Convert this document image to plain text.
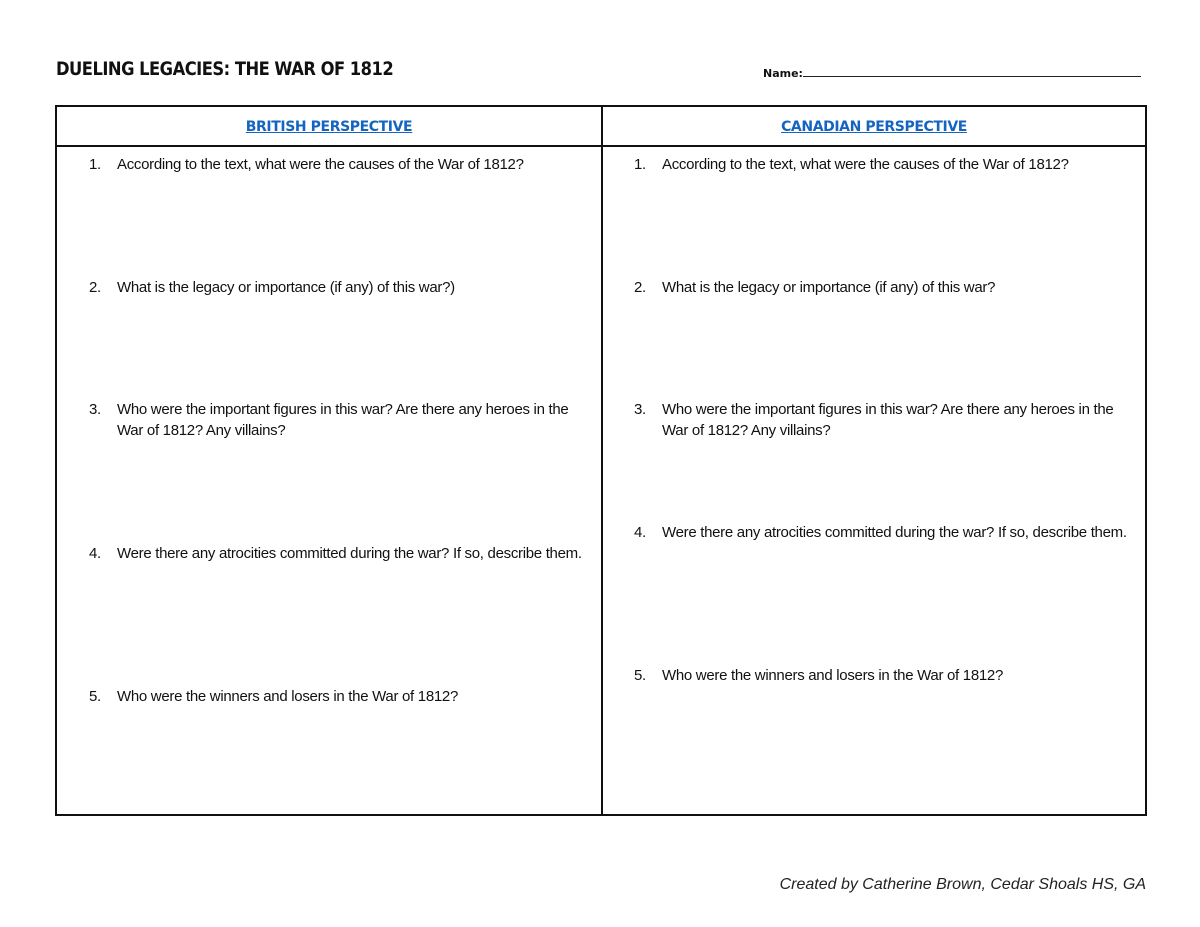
DUELING LEGACIES: THE WAR OF 1812	Name:
BRITISH PERSPECTIVE	CANADIAN PERSPECTIVE
1. According to the text, what were the causes of the War of 1812?
2. What is the legacy or importance (if any) of this war?)
3. Who were the important figures in this war? Are there any heroes in the War of 1812? Any villains?
4. Were there any atrocities committed during the war? If so, describe them.
5. Who were the winners and losers in the War of 1812?
1. According to the text, what were the causes of the War of 1812?
2. What is the legacy or importance (if any) of this war?
3. Who were the important figures in this war? Are there any heroes in the War of 1812? Any villains?
4. Were there any atrocities committed during the war? If so, describe them.
5. Who were the winners and losers in the War of 1812?
Created by Catherine Brown, Cedar Shoals HS, GA
